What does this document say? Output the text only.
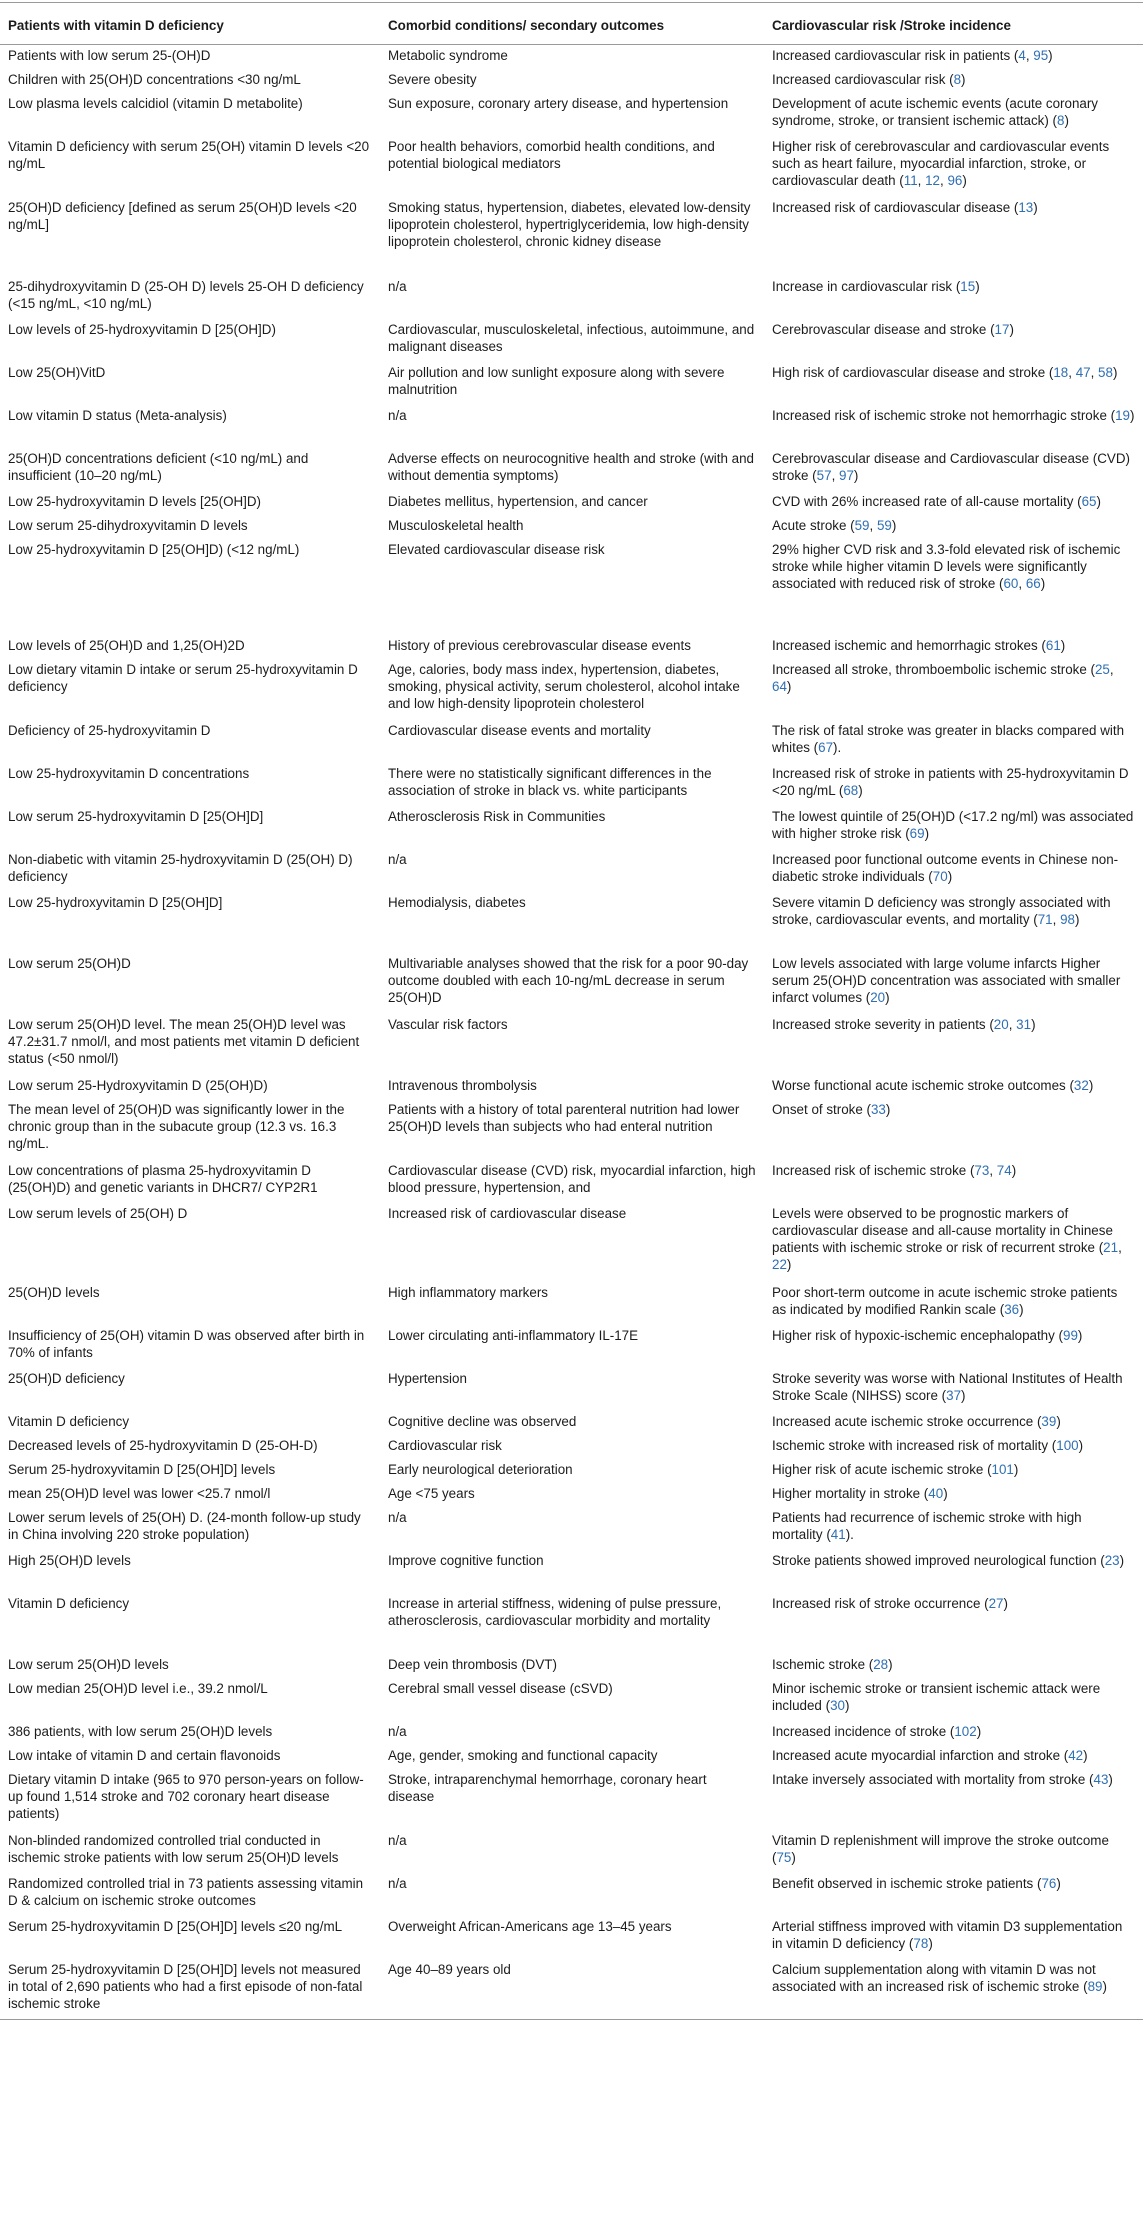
Patients with vitamin D deficiency	Comorbid conditions/ secondary outcomes	Cardiovascular risk /Stroke incidence
Patients with low serum 25-(OH)D	Metabolic syndrome	Increased cardiovascular risk in patients (4, 95)
Children with 25(OH)D concentrations <30 ng/mL	Severe obesity	Increased cardiovascular risk (8)
Low plasma levels calcidiol (vitamin D metabolite)	Sun exposure, coronary artery disease, and hypertension	Development of acute ischemic events (acute coronary syndrome, stroke, or transient ischemic attack) (8)
Vitamin D deficiency with serum 25(OH) vitamin D levels <20 ng/mL	Poor health behaviors, comorbid health conditions, and potential biological mediators	Higher risk of cerebrovascular and cardiovascular events such as heart failure, myocardial infarction, stroke, or cardiovascular death (11, 12, 96)
25(OH)D deficiency [defined as serum 25(OH)D levels <20 ng/mL]	Smoking status, hypertension, diabetes, elevated low-density lipoprotein cholesterol, hypertriglyceridemia, low high-density lipoprotein cholesterol, chronic kidney disease	Increased risk of cardiovascular disease (13)
25-dihydroxyvitamin D (25-OH D) levels 25-OH D deficiency (<15 ng/mL, <10 ng/mL)	n/a	Increase in cardiovascular risk (15)
Low levels of 25-hydroxyvitamin D [25(OH]D)	Cardiovascular, musculoskeletal, infectious, autoimmune, and malignant diseases	Cerebrovascular disease and stroke (17)
Low 25(OH)VitD	Air pollution and low sunlight exposure along with severe malnutrition	High risk of cardiovascular disease and stroke (18, 47, 58)
Low vitamin D status (Meta-analysis)	n/a	Increased risk of ischemic stroke not hemorrhagic stroke (19)
25(OH)D concentrations deficient (<10 ng/mL) and insufficient (10–20 ng/mL)	Adverse effects on neurocognitive health and stroke (with and without dementia symptoms)	Cerebrovascular disease and Cardiovascular disease (CVD) stroke (57, 97)
Low 25-hydroxyvitamin D levels [25(OH]D)	Diabetes mellitus, hypertension, and cancer	CVD with 26% increased rate of all-cause mortality (65)
Low serum 25-dihydroxyvitamin D levels	Musculoskeletal health	Acute stroke (59, 59)
Low 25-hydroxyvitamin D [25(OH]D) (<12 ng/mL)	Elevated cardiovascular disease risk	29% higher CVD risk and 3.3-fold elevated risk of ischemic stroke while higher vitamin D levels were significantly associated with reduced risk of stroke (60, 66)
Low levels of 25(OH)D and 1,25(OH)2D	History of previous cerebrovascular disease events	Increased ischemic and hemorrhagic strokes (61)
Low dietary vitamin D intake or serum 25-hydroxyvitamin D deficiency	Age, calories, body mass index, hypertension, diabetes, smoking, physical activity, serum cholesterol, alcohol intake and low high-density lipoprotein cholesterol	Increased all stroke, thromboembolic ischemic stroke (25, 64)
Deficiency of 25-hydroxyvitamin D	Cardiovascular disease events and mortality	The risk of fatal stroke was greater in blacks compared with whites (67).
Low 25-hydroxyvitamin D concentrations	There were no statistically significant differences in the association of stroke in black vs. white participants	Increased risk of stroke in patients with 25-hydroxyvitamin D <20 ng/mL (68)
Low serum 25-hydroxyvitamin D [25(OH]D]	Atherosclerosis Risk in Communities	The lowest quintile of 25(OH)D (<17.2 ng/ml) was associated with higher stroke risk (69)
Non-diabetic with vitamin 25-hydroxyvitamin D (25(OH) D) deficiency	n/a	Increased poor functional outcome events in Chinese non-diabetic stroke individuals (70)
Low 25-hydroxyvitamin D [25(OH]D]	Hemodialysis, diabetes	Severe vitamin D deficiency was strongly associated with stroke, cardiovascular events, and mortality (71, 98)
Low serum 25(OH)D	Multivariable analyses showed that the risk for a poor 90-day outcome doubled with each 10-ng/mL decrease in serum 25(OH)D	Low levels associated with large volume infarcts Higher serum 25(OH)D concentration was associated with smaller infarct volumes (20)
Low serum 25(OH)D level. The mean 25(OH)D level was 47.2±31.7 nmol/l, and most patients met vitamin D deficient status (<50 nmol/l)	Vascular risk factors	Increased stroke severity in patients (20, 31)
Low serum 25-Hydroxyvitamin D (25(OH)D)	Intravenous thrombolysis	Worse functional acute ischemic stroke outcomes (32)
The mean level of 25(OH)D was significantly lower in the chronic group than in the subacute group (12.3 vs. 16.3 ng/mL.	Patients with a history of total parenteral nutrition had lower 25(OH)D levels than subjects who had enteral nutrition	Onset of stroke (33)
Low concentrations of plasma 25-hydroxyvitamin D (25(OH)D) and genetic variants in DHCR7/ CYP2R1	Cardiovascular disease (CVD) risk, myocardial infarction, high blood pressure, hypertension, and	Increased risk of ischemic stroke (73, 74)
Low serum levels of 25(OH) D	Increased risk of cardiovascular disease	Levels were observed to be prognostic markers of cardiovascular disease and all-cause mortality in Chinese patients with ischemic stroke or risk of recurrent stroke (21, 22)
25(OH)D levels	High inflammatory markers	Poor short-term outcome in acute ischemic stroke patients as indicated by modified Rankin scale (36)
Insufficiency of 25(OH) vitamin D was observed after birth in 70% of infants	Lower circulating anti-inflammatory IL-17E	Higher risk of hypoxic-ischemic encephalopathy (99)
25(OH)D deficiency	Hypertension	Stroke severity was worse with National Institutes of Health Stroke Scale (NIHSS) score (37)
Vitamin D deficiency	Cognitive decline was observed	Increased acute ischemic stroke occurrence (39)
Decreased levels of 25-hydroxyvitamin D (25-OH-D)	Cardiovascular risk	Ischemic stroke with increased risk of mortality (100)
Serum 25-hydroxyvitamin D [25(OH]D] levels	Early neurological deterioration	Higher risk of acute ischemic stroke (101)
mean 25(OH)D level was lower <25.7 nmol/l	Age <75 years	Higher mortality in stroke (40)
Lower serum levels of 25(OH) D. (24-month follow-up study in China involving 220 stroke population)	n/a	Patients had recurrence of ischemic stroke with high mortality (41).
High 25(OH)D levels	Improve cognitive function	Stroke patients showed improved neurological function (23)
Vitamin D deficiency	Increase in arterial stiffness, widening of pulse pressure, atherosclerosis, cardiovascular morbidity and mortality	Increased risk of stroke occurrence (27)
Low serum 25(OH)D levels	Deep vein thrombosis (DVT)	Ischemic stroke (28)
Low median 25(OH)D level i.e., 39.2 nmol/L	Cerebral small vessel disease (cSVD)	Minor ischemic stroke or transient ischemic attack were included (30)
386 patients, with low serum 25(OH)D levels	n/a	Increased incidence of stroke (102)
Low intake of vitamin D and certain flavonoids	Age, gender, smoking and functional capacity	Increased acute myocardial infarction and stroke (42)
Dietary vitamin D intake (965 to 970 person-years on follow-up found 1,514 stroke and 702 coronary heart disease patients)	Stroke, intraparenchymal hemorrhage, coronary heart disease	Intake inversely associated with mortality from stroke (43)
Non-blinded randomized controlled trial conducted in ischemic stroke patients with low serum 25(OH)D levels	n/a	Vitamin D replenishment will improve the stroke outcome (75)
Randomized controlled trial in 73 patients assessing vitamin D & calcium on ischemic stroke outcomes	n/a	Benefit observed in ischemic stroke patients (76)
Serum 25-hydroxyvitamin D [25(OH]D] levels ≤20 ng/mL	Overweight African-Americans age 13–45 years	Arterial stiffness improved with vitamin D3 supplementation in vitamin D deficiency (78)
Serum 25-hydroxyvitamin D [25(OH]D] levels not measured in total of 2,690 patients who had a first episode of non-fatal ischemic stroke	Age 40–89 years old	Calcium supplementation along with vitamin D was not associated with an increased risk of ischemic stroke (89)
